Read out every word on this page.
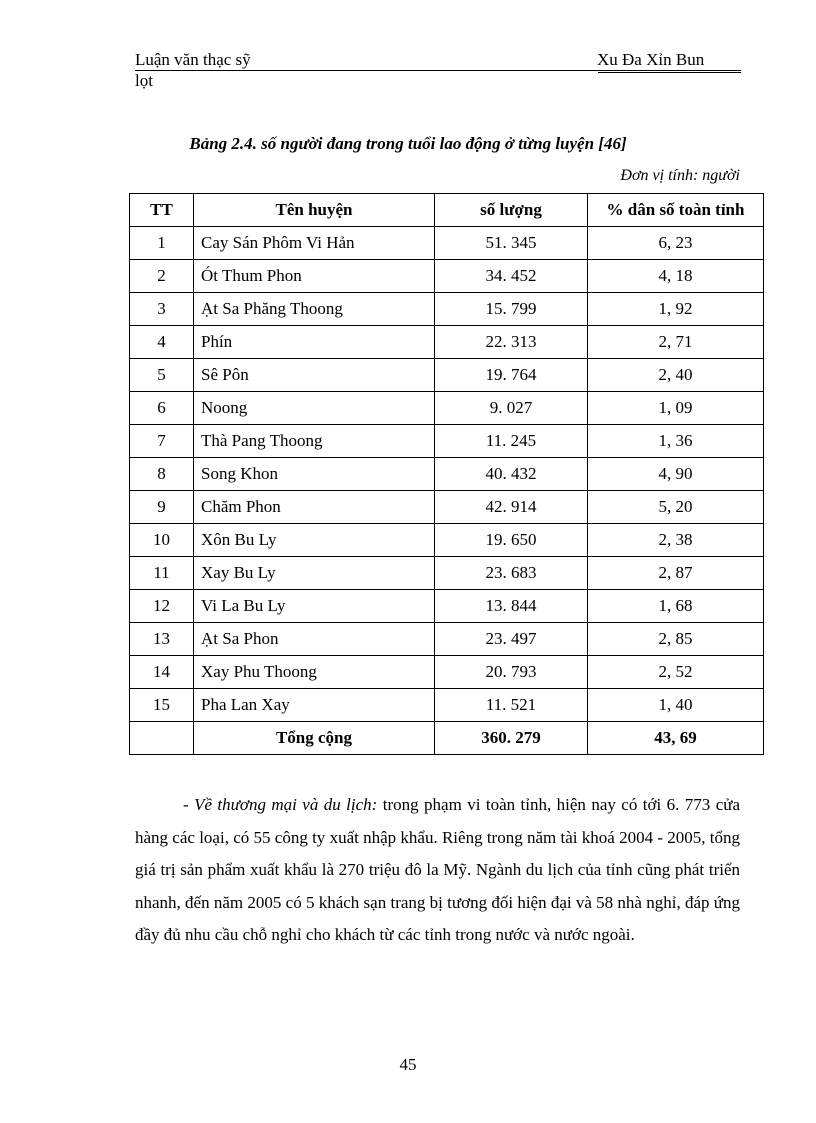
Luận văn thạc sỹ
lọt
Xu Đa Xỉn Bun
Bảng 2.4. số người đang trong tuổi lao động ở từng luyện [46]
Đơn vị tính: người
TT	Tên huyện	số lượng	% dân số toàn tỉnh
1	Cay Sán Phôm Vi Hản	51. 345	6, 23
2	Ót Thum Phon	34. 452	4, 18
3	Ạt Sa Phăng Thoong	15. 799	1, 92
4	Phín	22. 313	2, 71
5	Sê Pôn	19. 764	2, 40
6	Noong	9. 027	1, 09
7	Thà Pang Thoong	11. 245	1, 36
8	Song Khon	40. 432	4, 90
9	Chăm Phon	42. 914	5, 20
10	Xôn Bu Ly	19. 650	2, 38
11	Xay Bu Ly	23. 683	2, 87
12	Vi La Bu Ly	13. 844	1, 68
13	Ạt Sa Phon	23. 497	2, 85
14	Xay Phu Thoong	20. 793	2, 52
15	Pha Lan Xay	11. 521	1, 40
	Tổng cộng	360. 279	43, 69
- Về thương mại và du lịch: trong phạm vi toàn tỉnh, hiện nay có tới 6. 773 cửa hàng các loại, có 55 công ty xuất nhập khẩu. Riêng trong năm tài khoá 2004 - 2005, tổng giá trị sản phẩm xuất khẩu là 270 triệu đô la Mỹ. Ngành du lịch của tỉnh cũng phát triển nhanh, đến năm 2005 có 5 khách sạn trang bị tương đối hiện đại và 58 nhà nghỉ, đáp ứng đầy đủ nhu cầu chỗ nghỉ cho khách từ các tỉnh trong nước và nước ngoài.
45
